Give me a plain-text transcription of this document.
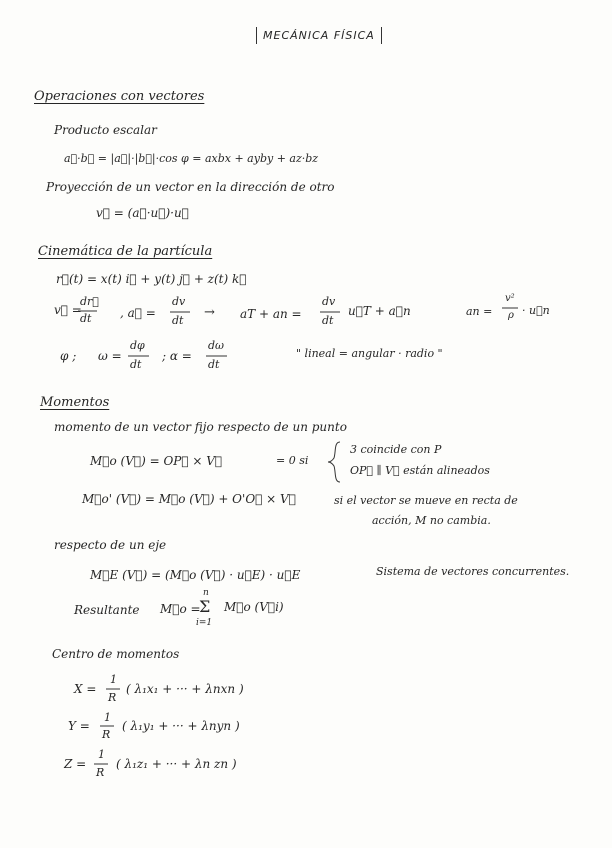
MECÁNICA FÍSICA
Operaciones con vectores
Producto escalar
a⃗·b⃗ = |a⃗|·|b⃗|·cos φ = axbx + ayby + az·bz
Proyección de un vector en la dirección de otro
v⃗ = (a⃗·u⃗)·u⃗
Cinemática de la partícula
r⃗(t) = x(t) i⃗ + y(t) j⃗ + z(t) k⃗
v⃗ =
dr⃗
dt , a⃗ =
dv
dt
→ aT + an =
dv
dt
u⃗T + a⃗n	an =
v²
ρ · u⃗n
φ ; ω =
dφ
dt
; α =
dω
dt
" lineal = angular · radio "
Momentos
momento de un vector fijo respecto de un punto
M⃗o (V⃗) = OP⃗ × V⃗	= 0 si
3 coincide con P
OP⃗ ∥ V⃗ están alineados
M⃗o' (V⃗) = M⃗o (V⃗) + O'O⃗ × V⃗	si el vector se mueve en recta de
acción, M no cambia.
respecto de un eje
M⃗E (V⃗) = (M⃗o (V⃗) · u⃗E) · u⃗E	Sistema de vectores concurrentes.
Resultante M⃗o =
n
Σ
i=1
M⃗o (V⃗i)
Centro de momentos
X =
1
R
( λ₁x₁ + ··· + λnxn )
Y =
1
R
( λ₁y₁ + ··· + λnyn )
Z =
1
R
( λ₁z₁ + ··· + λn zn )
